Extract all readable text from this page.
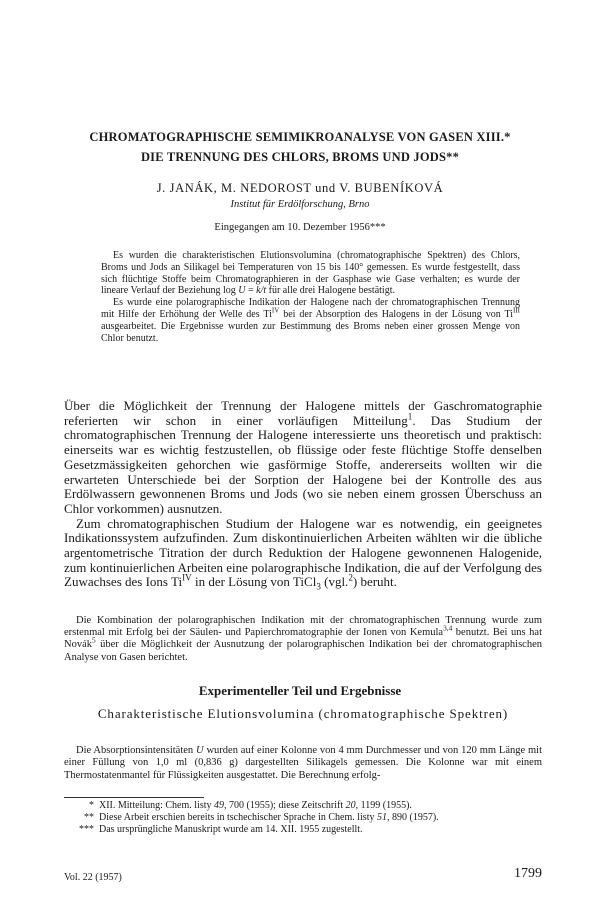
CHROMATOGRAPHISCHE SEMIMIKROANALYSE VON GASEN XIII.*
DIE TRENNUNG DES CHLORS, BROMS UND JODS**
J. JANÁK, M. NEDOROST und V. BUBENÍKOVÁ
Institut für Erdölforschung, Brno
Eingegangen am 10. Dezember 1956***

Es wurden die charakteristischen Elutionsvolumina (chromatographische Spektren) des Chlors, Broms und Jods an Silikagel bei Temperaturen von 15 bis 140° gemessen. Es wurde festgestellt, dass sich flüchtige Stoffe beim Chromatographieren in der Gasphase wie Gase verhalten; es wurde der lineare Verlauf der Beziehung log U = k/t für alle drei Halogene bestätigt.

Es wurde eine polarographische Indikation der Halogene nach der chromatographischen Trennung mit Hilfe der Erhöhung der Welle des $Ti^{IV}$ bei der Absorption des Halogens in der Lösung von $Ti^{III}$ ausgearbeitet. Die Ergebnisse wurden zur Bestimmung des Broms neben einer grossen Menge von Chlor benutzt.

Über die Möglichkeit der Trennung der Halogene mittels der Gaschromatographie referierten wir schon in einer vorläufigen Mitteilung$^1$. Das Studium der chromatographischen Trennung der Halogene interessierte uns theoretisch und praktisch: einerseits war es wichtig festzustellen, ob flüssige oder feste flüchtige Stoffe denselben Gesetzmässigkeiten gehorchen wie gasförmige Stoffe, andererseits wollten wir die erwarteten Unterschiede bei der Sorption der Halogene bei der Kontrolle des aus Erdölwassern gewonnenen Broms und Jods (wo sie neben einem grossen Überschuss an Chlor vorkommen) ausnutzen.

Zum chromatographischen Studium der Halogene war es notwendig, ein geeignetes Indikationssystem aufzufinden. Zum diskontinuierlichen Arbeiten wählten wir die übliche argentometrische Titration der durch Reduktion der Halogene gewonnenen Halogenide, zum kontinuierlichen Arbeiten eine polarographische Indikation, die auf der Verfolgung des Zuwachses des Ions $Ti^{IV}$ in der Lösung von TiCl$_3$ (vgl.$^2$) beruht.

Die Kombination der polarographischen Indikation mit der chromatographischen Trennung wurde zum erstenmal mit Erfolg bei der Säulen- und Papierchromatographie der Ionen von Kemula$^{3,4}$ benutzt. Bei uns hat Novák$^5$ über die Möglichkeit der Ausnutzung der polarographischen Indikation bei der chromatographischen Analyse von Gasen berichtet.

Experimenteller Teil und Ergebnisse
Charakteristische Elutionsvolumina (chromatographische Spektren)

Die Absorptionsintensitäten U wurden auf einer Kolonne von 4 mm Durchmesser und von 120 mm Länge mit einer Füllung von 1,0 ml (0,836 g) dargestellten Silikagels gemessen. Die Kolonne war mit einem Thermostatenmantel für Flüssigkeiten ausgestattet. Die Berechnung erfolg-

* XII. Mitteilung: Chem. listy 49, 700 (1955); diese Zeitschrift 20, 1199 (1955).
** Diese Arbeit erschien bereits in tschechischer Sprache in Chem. listy 51, 890 (1957).
*** Das ursprüngliche Manuskript wurde am 14. XII. 1955 zugestellt.
Vol. 22 (1957)	1799
